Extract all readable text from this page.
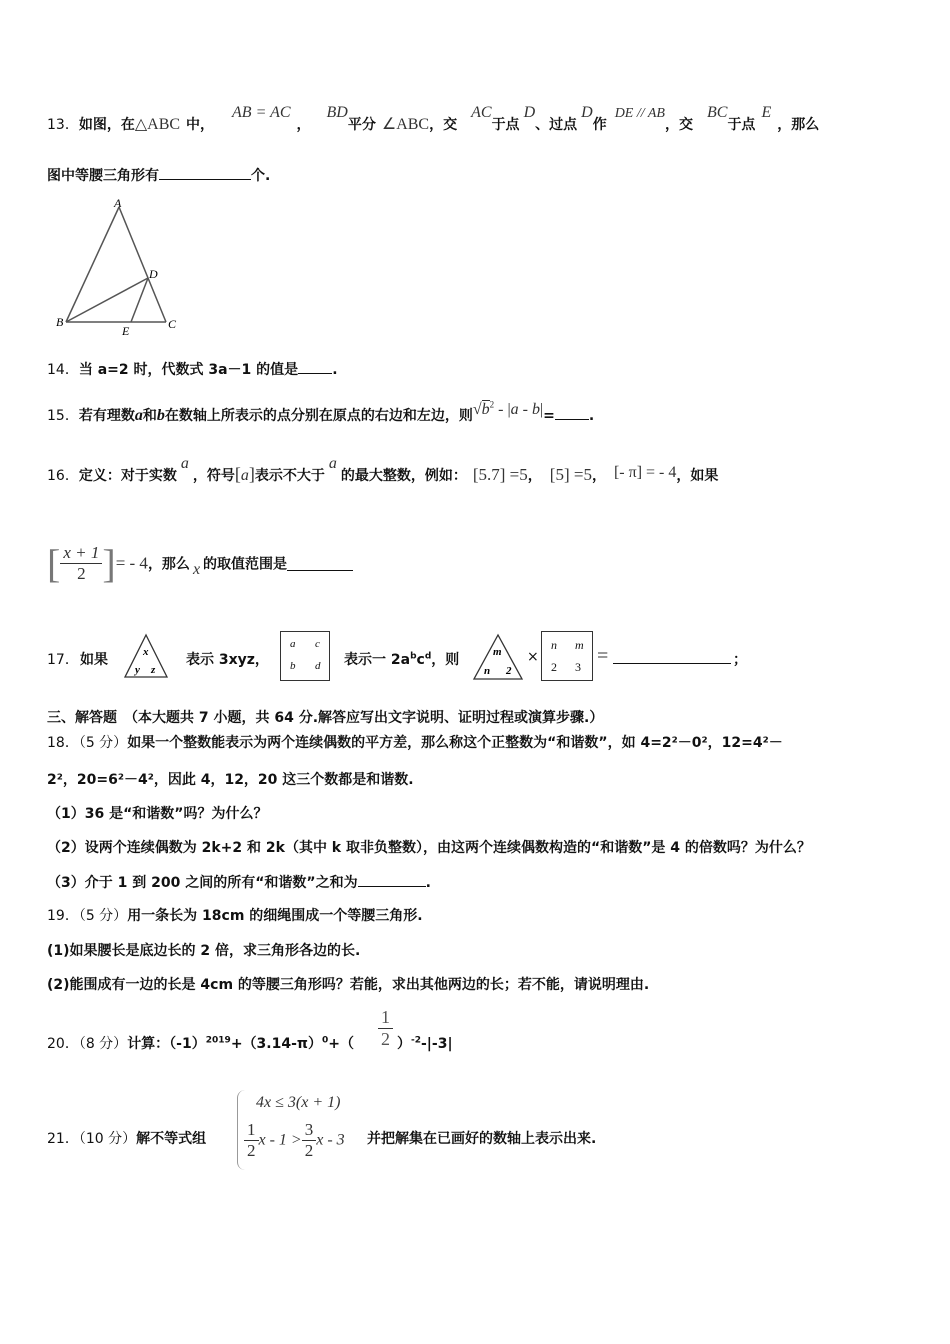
13．如图，在△ABC 中，AB = AC，BD平分 ∠ABC，交AC于点D、过点D作DE // AB，交BC于点E，那么
图中等腰三角形有	个.
A
B	C
D
E
14．当 a=2 时，代数式 3a－1 的值是 .
15．若有理数a和b在数轴上所表示的点分别在原点的右边和左边，则$√b^2 - |a - b|=$ .
16．定义：对于实数a，符号[a]表示不大于a的最大整数，例如： [5.7] =5， [5] =5， [- π] = - 4，如果
[ $\frac{x + 1}{2}$ ]= - 4，那么 x 的取值范围是
17． 如果	x
y z
表示 3xyz，
a c
b d 表示一 $2a^bc^d$，则	m
n 2
×
n m
2 3 =	；
三、解答题　（本大题共 7 小题，共 64 分.解答应写出文字说明、证明过程或演算步骤.）
18．（5 分）如果一个整数能表示为两个连续偶数的平方差，那么称这个正整数为“和谐数”，如 4=2²－0²，12=4²－
2²，20=6²－4²，因此 4，12，20 这三个数都是和谐数.
（1）36 是“和谐数”吗？为什么？
（2）设两个连续偶数为 2k+2 和 2k（其中 k 取非负整数），由这两个连续偶数构造的“和谐数”是 4 的倍数吗？为什么？
（3）介于 1 到 200 之间的所有“和谐数”之和为	.
19．（5 分）用一条长为 18cm 的细绳围成一个等腰三角形.
(1)如果腰长是底边长的 2 倍，求三角形各边的长.
(2)能围成有一边的长是 4cm 的等腰三角形吗？若能，求出其他两边的长；若不能，请说明理由.
20．（8 分）计算：$(-1)^{2019}+(3.14-\pi)^0+( \frac{1}{2} )^{-2}-|-3|$
21．（10 分）解不等式组
4x ≤ 3(x + 1)
$\frac{1}{2}$ $x - 1 > \frac{3}{2}$ x - 3 并把解集在已画好的数轴上表示出来.
